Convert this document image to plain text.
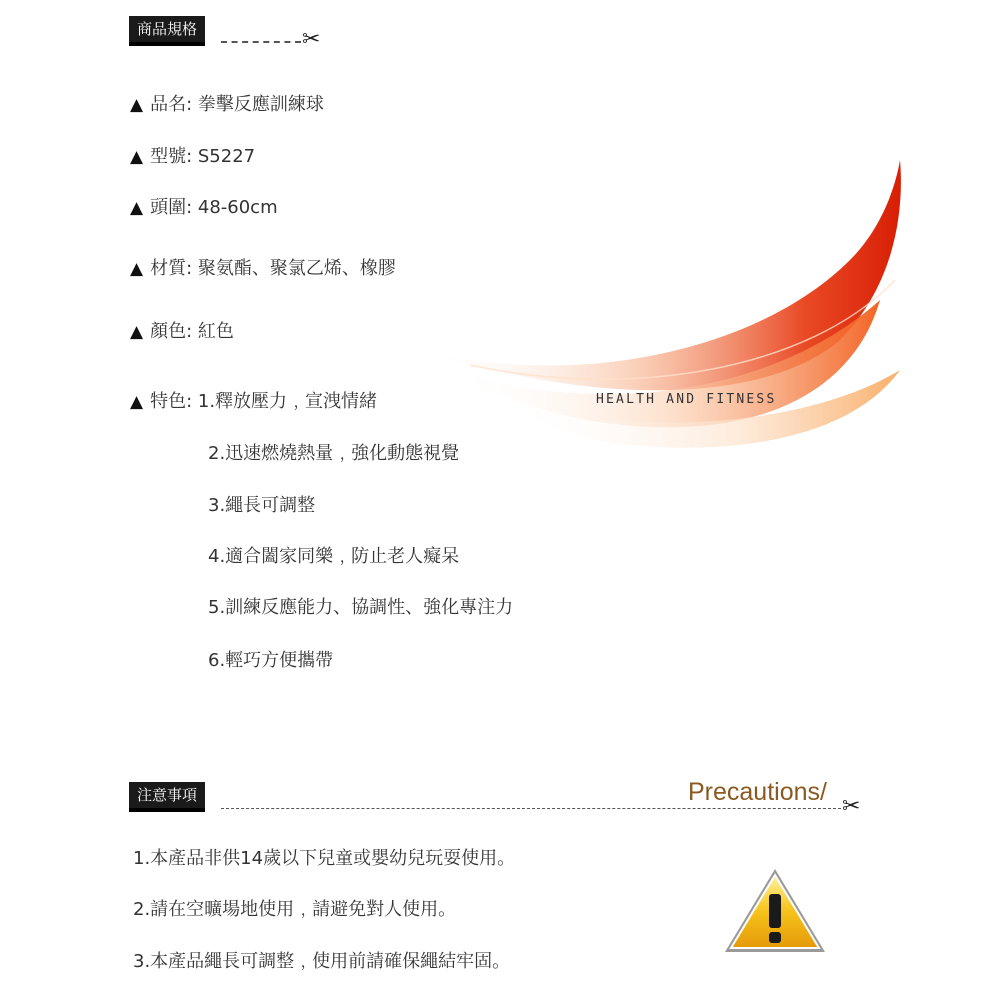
商品規格	✂
▲ 品名: 拳擊反應訓練球
▲ 型號: S5227
▲ 頭圍: 48-60cm
▲ 材質: 聚氨酯、聚氯乙烯、橡膠
▲ 顏色: 紅色
▲ 特色: 1.釋放壓力﹐宣洩情緒
2.迅速燃燒熱量﹐強化動態視覺
3.繩長可調整
4.適合闔家同樂﹐防止老人癡呆
5.訓練反應能力、協調性、強化專注力
6.輕巧方便攜帶
HEALTH AND FITNESS
注意事項	Precautions/
✂
1.本產品非供14歲以下兒童或嬰幼兒玩耍使用。
2.請在空曠場地使用﹐請避免對人使用。
3.本產品繩長可調整﹐使用前請確保繩結牢固。
